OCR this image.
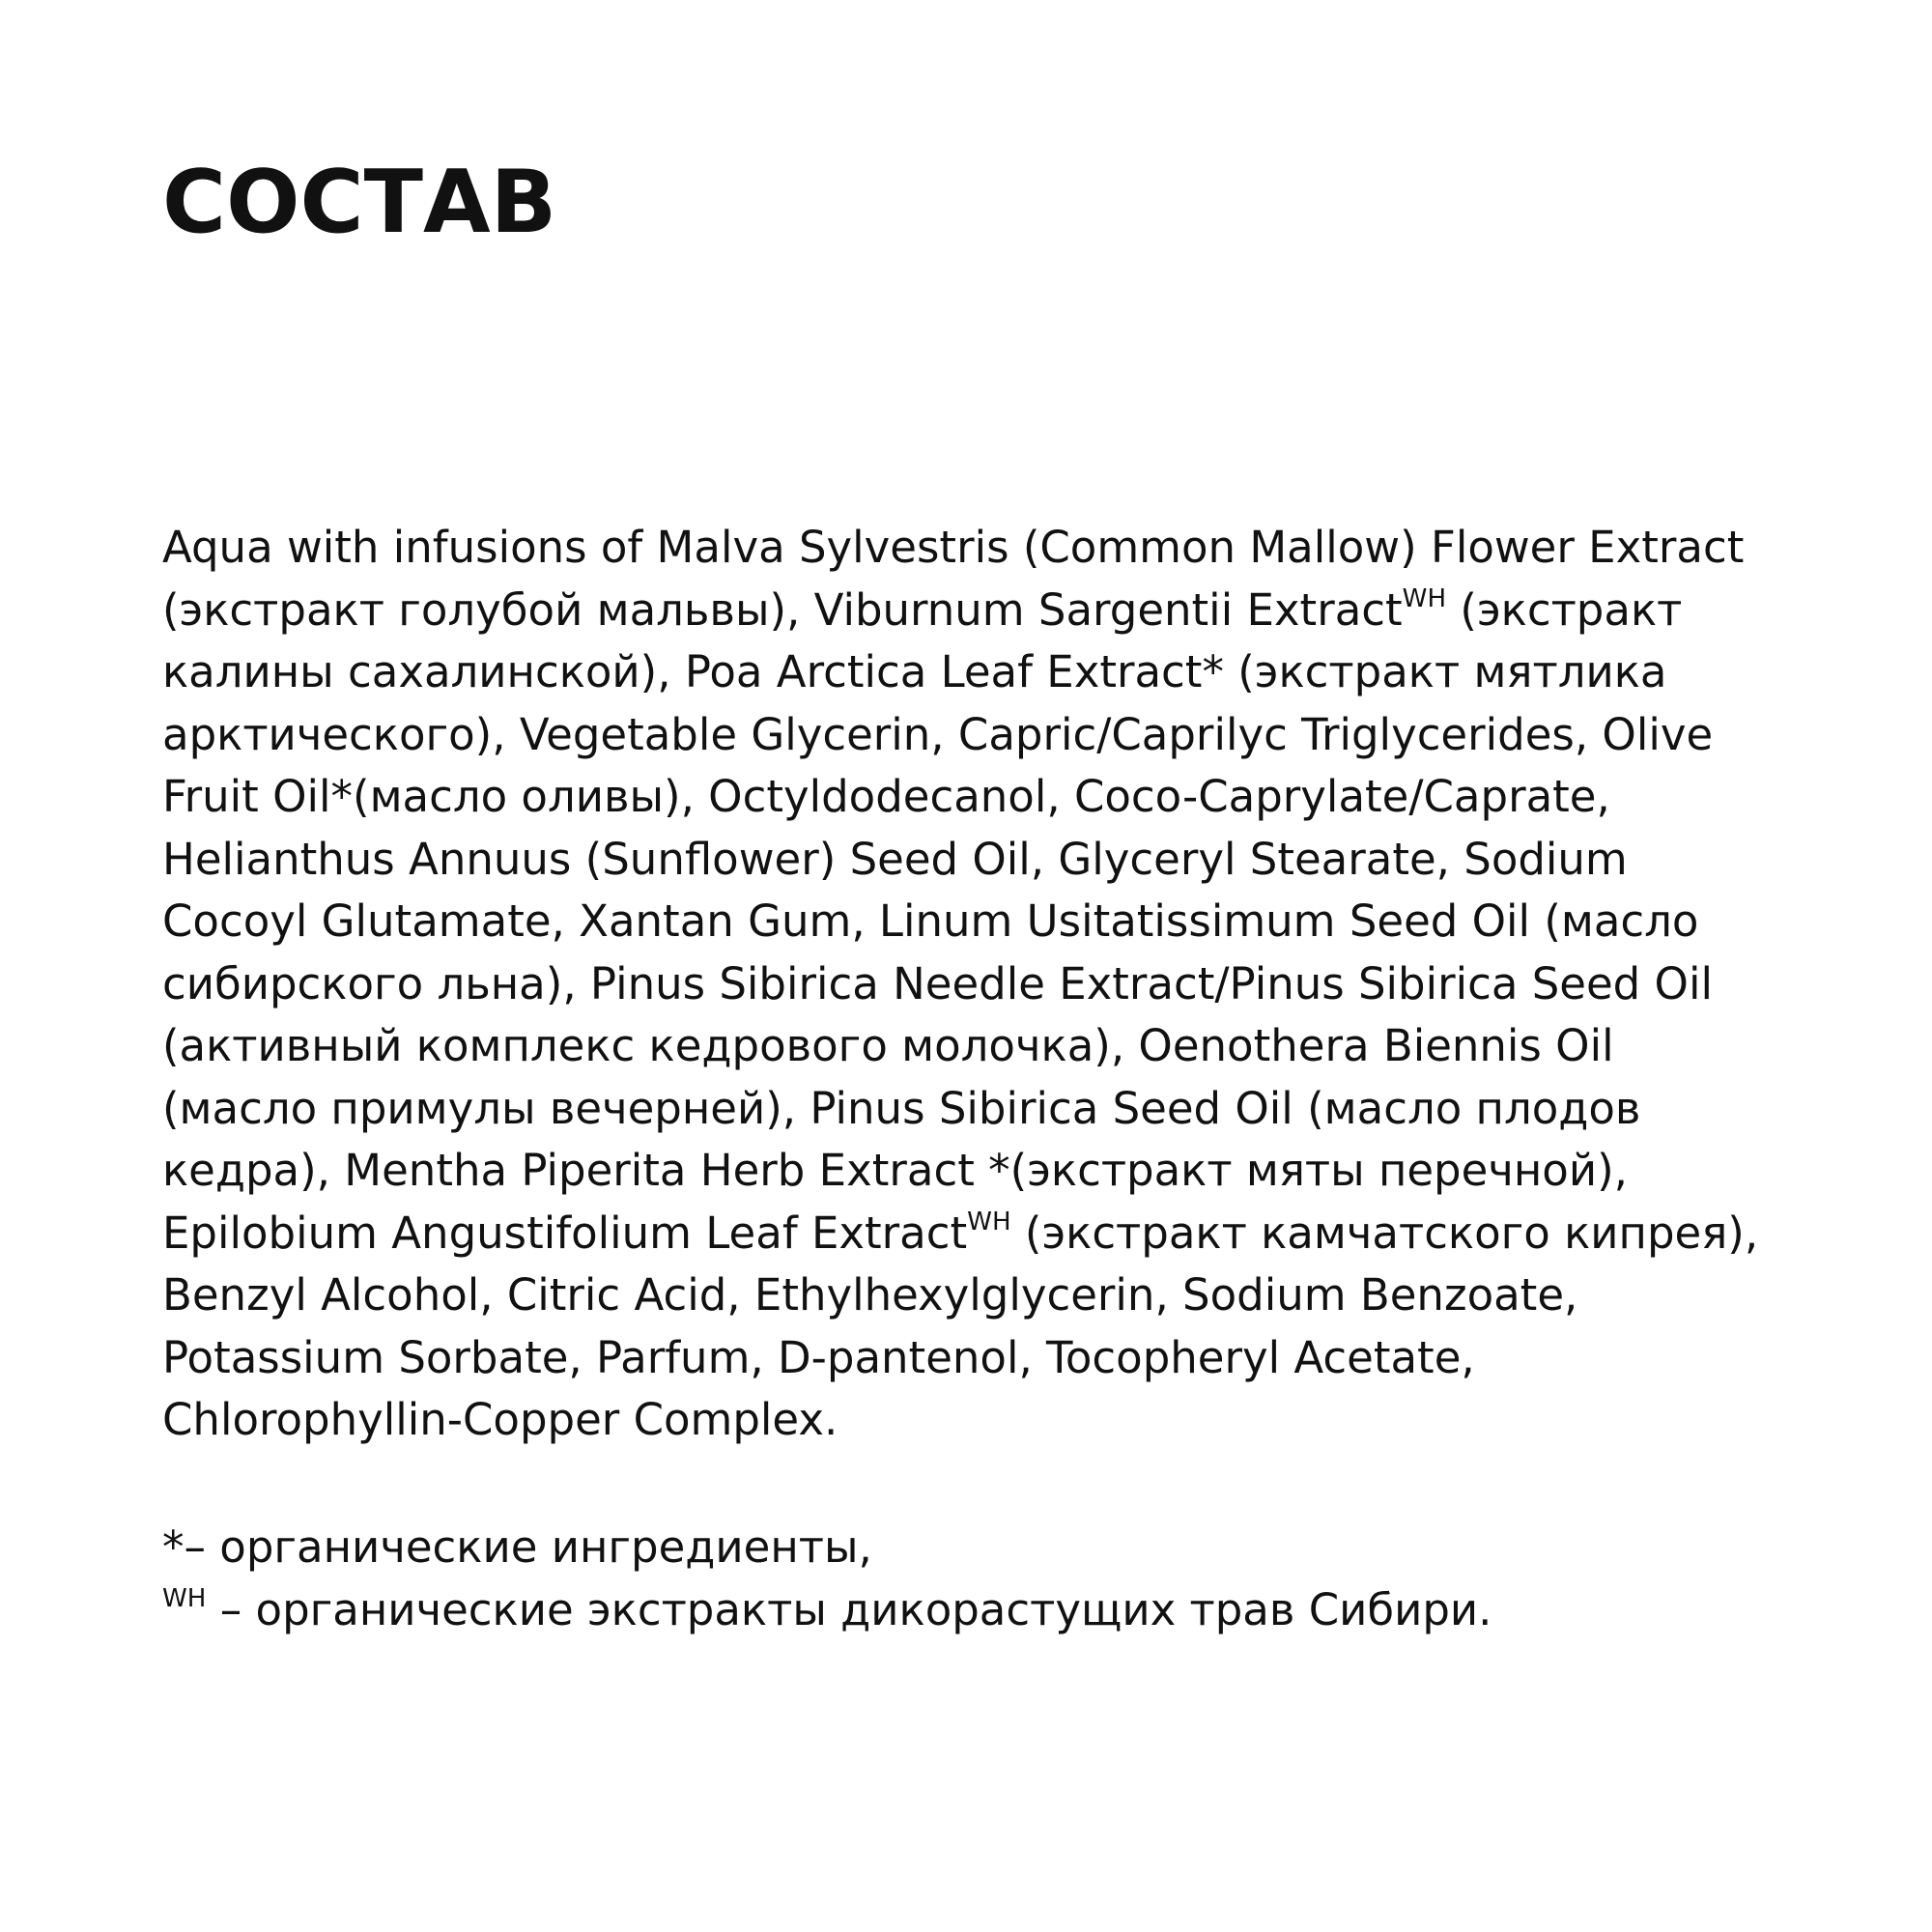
СОСТАВ
Aqua with infusions of Malva Sylvestris (Common Mallow) Flower Extract
(экстракт голубой мальвы), Viburnum Sargentii Extract$^{WH}$ (экстракт
калины сахалинской), Poa Arctica Leaf Extract* (экстракт мятлика
арктического), Vegetable Glycerin, Capric/Caprilyc Triglycerides, Olive
Fruit Oil*(масло оливы), Octyldodecanol, Coco-Caprylate/Caprate,
Helianthus Annuus (Sunflower) Seed Oil, Glyceryl Stearate, Sodium
Cocoyl Glutamate, Xantan Gum, Linum Usitatissimum Seed Oil (масло
сибирского льна), Pinus Sibirica Needle Extract/Pinus Sibirica Seed Oil
(активный комплекс кедрового молочка), Oenothera Biennis Oil
(масло примулы вечерней), Pinus Sibirica Seed Oil (масло плодов
кедра), Mentha Piperita Herb Extract *(экстракт мяты перечной),
Epilobium Angustifolium Leaf Extract$^{WH}$ (экстракт камчатского кипрея),
Benzyl Alcohol, Citric Acid, Ethylhexylglycerin, Sodium Benzoate,
Potassium Sorbate, Parfum, D-pantenol, Tocopheryl Acetate,
Chlorophyllin-Copper Complex.
*– органические ингредиенты,
$^{WH}$ – органические экстракты дикорастущих трав Сибири.
